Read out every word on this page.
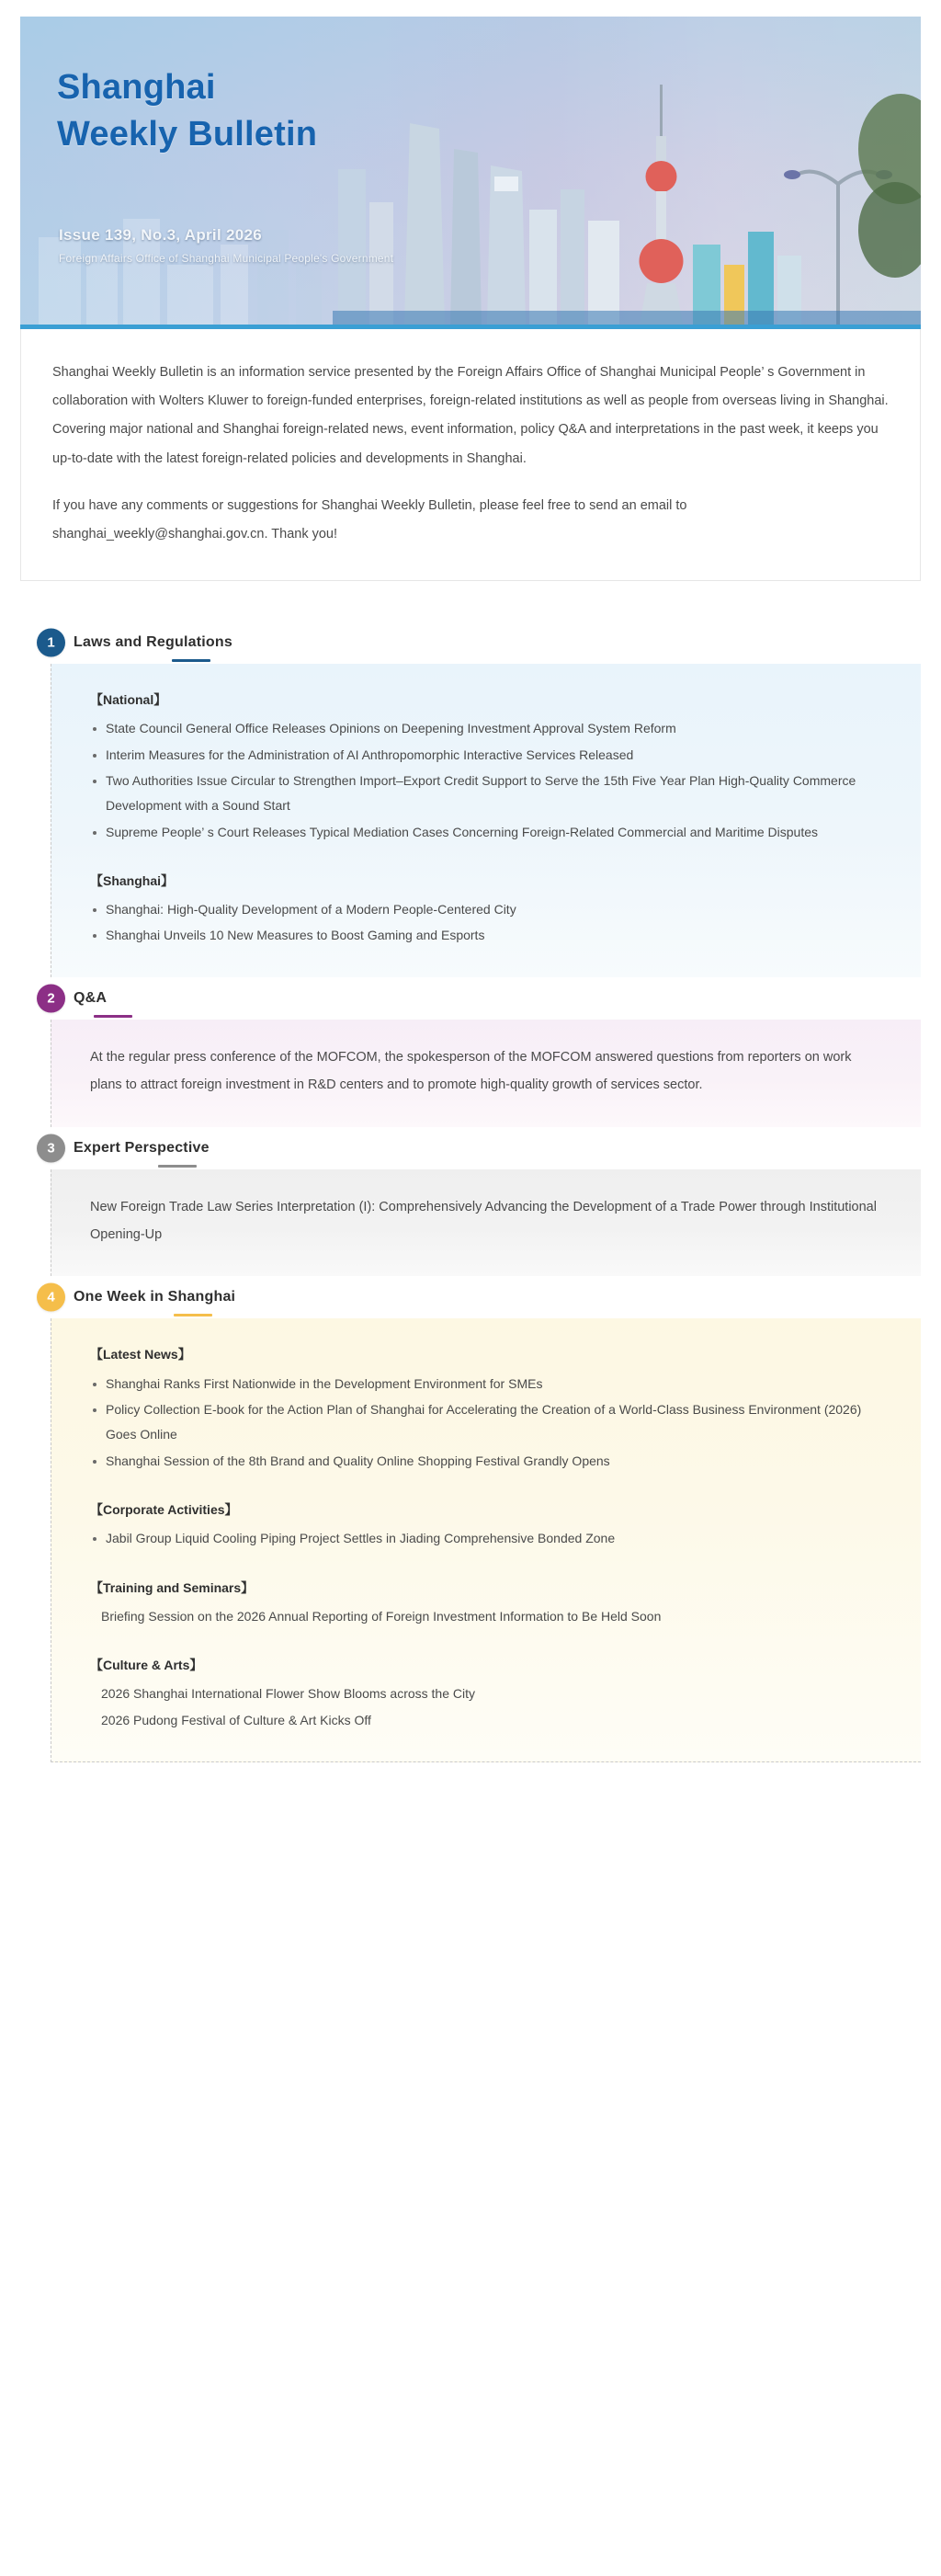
Shanghai
Weekly Bulletin
Issue 139, No.3, April 2026
Foreign Affairs Office of Shanghai Municipal People's Government

Shanghai Weekly Bulletin is an information service presented by the Foreign Affairs Office of Shanghai Municipal People’ s Government in collaboration with Wolters Kluwer to foreign-funded enterprises, foreign-related institutions as well as people from overseas living in Shanghai. Covering major national and Shanghai foreign-related news, event information, policy Q&A and interpretations in the past week, it keeps you up-to-date with the latest foreign-related policies and developments in Shanghai.

If you have any comments or suggestions for Shanghai Weekly Bulletin, please feel free to send an email to shanghai_weekly@shanghai.gov.cn. Thank you!

1	Laws and Regulations
【National】
State Council General Office Releases Opinions on Deepening Investment Approval System Reform
Interim Measures for the Administration of AI Anthropomorphic Interactive Services Released
Two Authorities Issue Circular to Strengthen Import–Export Credit Support to Serve the 15th Five Year Plan High-Quality Commerce Development with a Sound Start
Supreme People’ s Court Releases Typical Mediation Cases Concerning Foreign-Related Commercial and Maritime Disputes
【Shanghai】
Shanghai: High-Quality Development of a Modern People-Centered City
Shanghai Unveils 10 New Measures to Boost Gaming and Esports
2	Q&A

At the regular press conference of the MOFCOM, the spokesperson of the MOFCOM answered questions from reporters on work plans to attract foreign investment in R&D centers and to promote high-quality growth of services sector.

3	Expert Perspective

New Foreign Trade Law Series Interpretation (I): Comprehensively Advancing the Development of a Trade Power through Institutional Opening-Up

4	One Week in Shanghai
【Latest News】
Shanghai Ranks First Nationwide in the Development Environment for SMEs
Policy Collection E-book for the Action Plan of Shanghai for Accelerating the Creation of a World-Class Business Environment (2026) Goes Online
Shanghai Session of the 8th Brand and Quality Online Shopping Festival Grandly Opens
【Corporate Activities】
Jabil Group Liquid Cooling Piping Project Settles in Jiading Comprehensive Bonded Zone
【Training and Seminars】
Briefing Session on the 2026 Annual Reporting of Foreign Investment Information to Be Held Soon
【Culture & Arts】
2026 Shanghai International Flower Show Blooms across the City
2026 Pudong Festival of Culture & Art Kicks Off
